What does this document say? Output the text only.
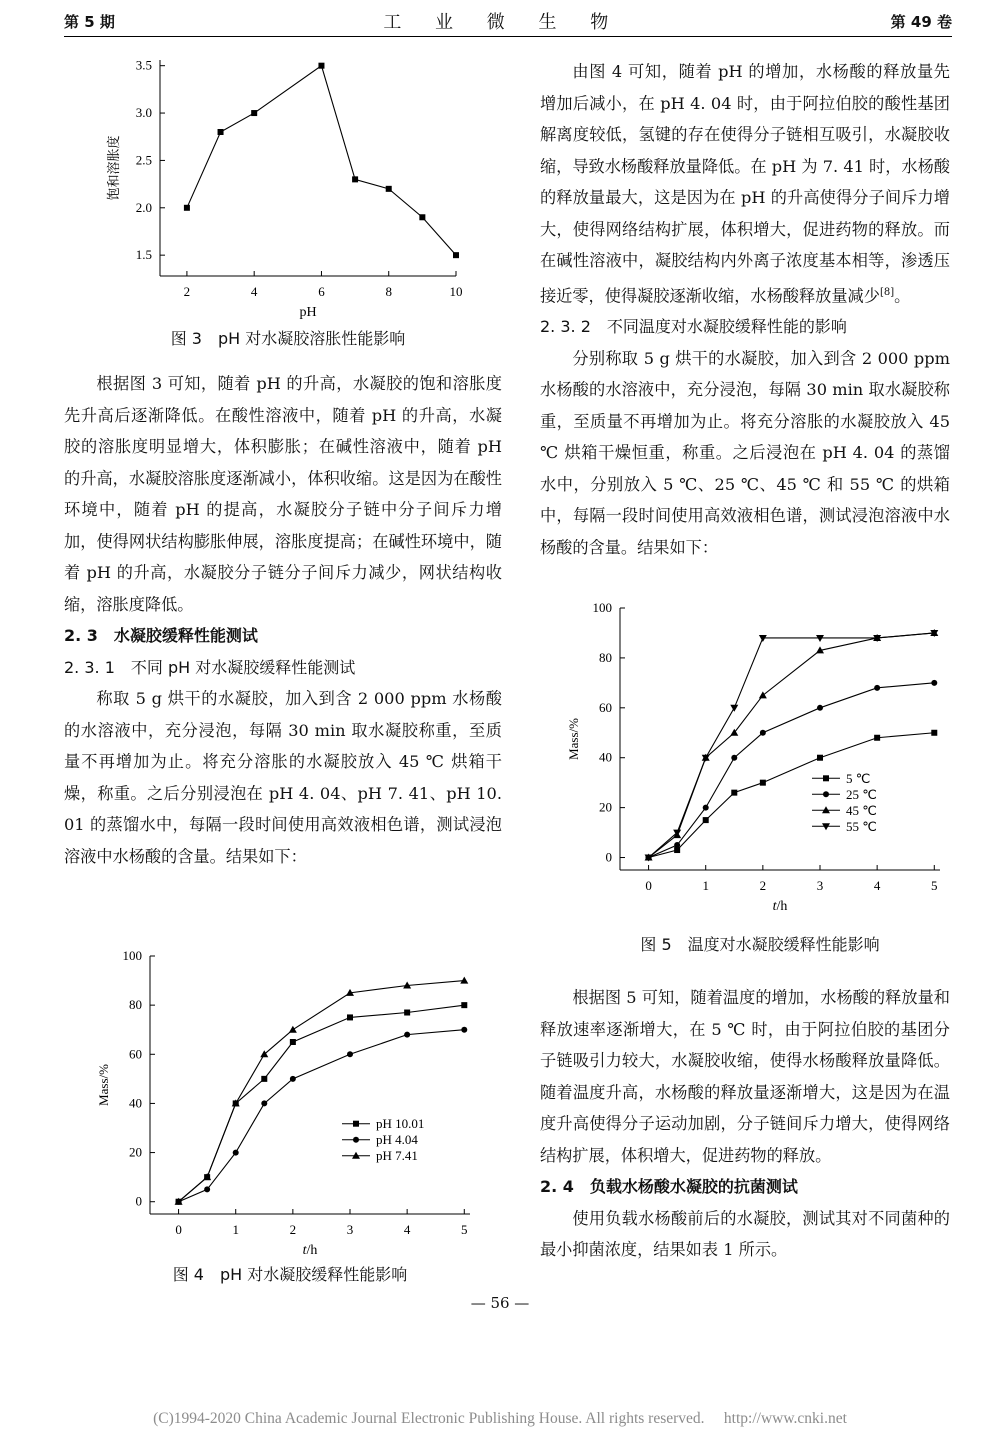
第 5 期	工 业 微 生 物	第 49 卷
2	4	6	8	10
1.5
2.0
2.5
3.0
3.5
pH
饱和溶胀度
图 3　pH 对水凝胶溶胀性能影响

根据图 3 可知，随着 pH 的升高，水凝胶的饱和溶胀度先升高后逐渐降低。在酸性溶液中，随着 pH 的升高，水凝胶的溶胀度明显增大，体积膨胀；在碱性溶液中，随着 pH 的升高，水凝胶溶胀度逐渐减小，体积收缩。这是因为在酸性环境中，随着 pH 的提高，水凝胶分子链中分子间斥力增加，使得网状结构膨胀伸展，溶胀度提高；在碱性环境中，随着 pH 的升高，水凝胶分子链分子间斥力减少，网状结构收缩，溶胀度降低。

2. 3　水凝胶缓释性能测试
2. 3. 1　不同 pH 对水凝胶缓释性能测试

称取 5 g 烘干的水凝胶，加入到含 2 000 ppm 水杨酸的水溶液中，充分浸泡，每隔 30 min 取水凝胶称重，至质量不再增加为止。将充分溶胀的水凝胶放入 45 ℃ 烘箱干燥，称重。之后分别浸泡在 pH 4. 04、pH 7. 41、pH 10. 01 的蒸馏水中，每隔一段时间使用高效液相色谱，测试浸泡溶液中水杨酸的含量。结果如下：

0	1	2	3	4	5
0
20
40
60
80
100
t/h
Mass/%
pH 10.01
pH 4.04
pH 7.41
图 4　pH 对水凝胶缓释性能影响

由图 4 可知，随着 pH 的增加，水杨酸的释放量先增加后减小，在 pH 4. 04 时，由于阿拉伯胶的酸性基团解离度较低，氢键的存在使得分子链相互吸引，水凝胶收缩，导致水杨酸释放量降低。在 pH 为 7. 41 时，水杨酸的释放量最大，这是因为在 pH 的升高使得分子间斥力增大，使得网络结构扩展，体积增大，促进药物的释放。而在碱性溶液中，凝胶结构内外离子浓度基本相等，渗透压接近零，使得凝胶逐渐收缩，水杨酸释放量减少[8]。

2. 3. 2　不同温度对水凝胶缓释性能的影响

分别称取 5 g 烘干的水凝胶，加入到含 2 000 ppm 水杨酸的水溶液中，充分浸泡，每隔 30 min 取水凝胶称重，至质量不再增加为止。将充分溶胀的水凝胶放入 45 ℃ 烘箱干燥恒重，称重。之后浸泡在 pH 4. 04 的蒸馏水中，分别放入 5 ℃、25 ℃、45 ℃ 和 55 ℃ 的烘箱中，每隔一段时间使用高效液相色谱，测试浸泡溶液中水杨酸的含量。结果如下：

0	1	2	3	4	5
0
20
40
60
80
100
t/h
Mass/%
5 ℃
25 ℃
45 ℃
55 ℃
图 5　温度对水凝胶缓释性能影响

根据图 5 可知，随着温度的增加，水杨酸的释放量和释放速率逐渐增大，在 5 ℃ 时，由于阿拉伯胶的基团分子链吸引力较大，水凝胶收缩，使得水杨酸释放量降低。随着温度升高，水杨酸的释放量逐渐增大，这是因为在温度升高使得分子运动加剧，分子链间斥力增大，使得网络结构扩展，体积增大，促进药物的释放。

2. 4　负载水杨酸水凝胶的抗菌测试

使用负载水杨酸前后的水凝胶，测试其对不同菌种的最小抑菌浓度，结果如表 1 所示。

— 56 —
(C)1994-2020 China Academic Journal Electronic Publishing House. All rights reserved.　 http://www.cnki.net
